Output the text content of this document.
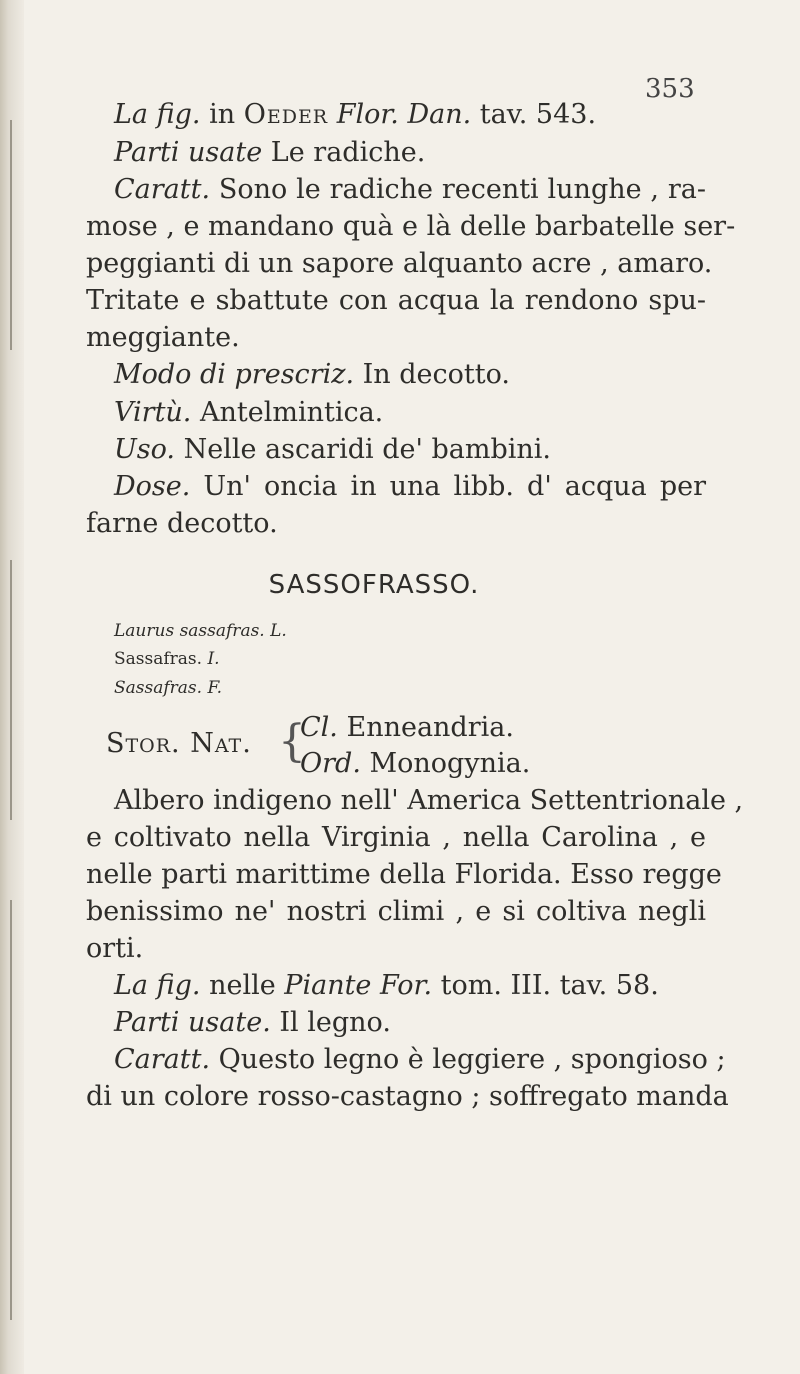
353
La fig. in Oeder Flor. Dan. tav. 543.
Parti usate Le radiche.
Caratt. Sono le radiche recenti lunghe , ra-
mose , e mandano quà e là delle barbatelle ser-
peggianti di un sapore alquanto acre , amaro.
Tritate e sbattute con acqua la rendono spu-
meggiante.
Modo di prescriz. In decotto.
Virtù. Antelmintica.
Uso. Nelle ascaridi de' bambini.
Dose. Un' oncia in una libb. d' acqua per
farne decotto.
SASSOFRASSO.
Laurus sassafras. L.
Sassafras. I.
Sassafras. F.
Stor. Nat. {
Cl. Enneandria.
Ord. Monogynia.
Albero indigeno nell' America Settentrionale ,
e coltivato nella Virginia , nella Carolina , e
nelle parti marittime della Florida. Esso regge
benissimo ne' nostri climi , e si coltiva negli
orti.
La fig. nelle Piante For. tom. III. tav. 58.
Parti usate. Il legno.
Caratt. Questo legno è leggiere , spongioso ;
di un colore rosso-castagno ; soffregato manda
